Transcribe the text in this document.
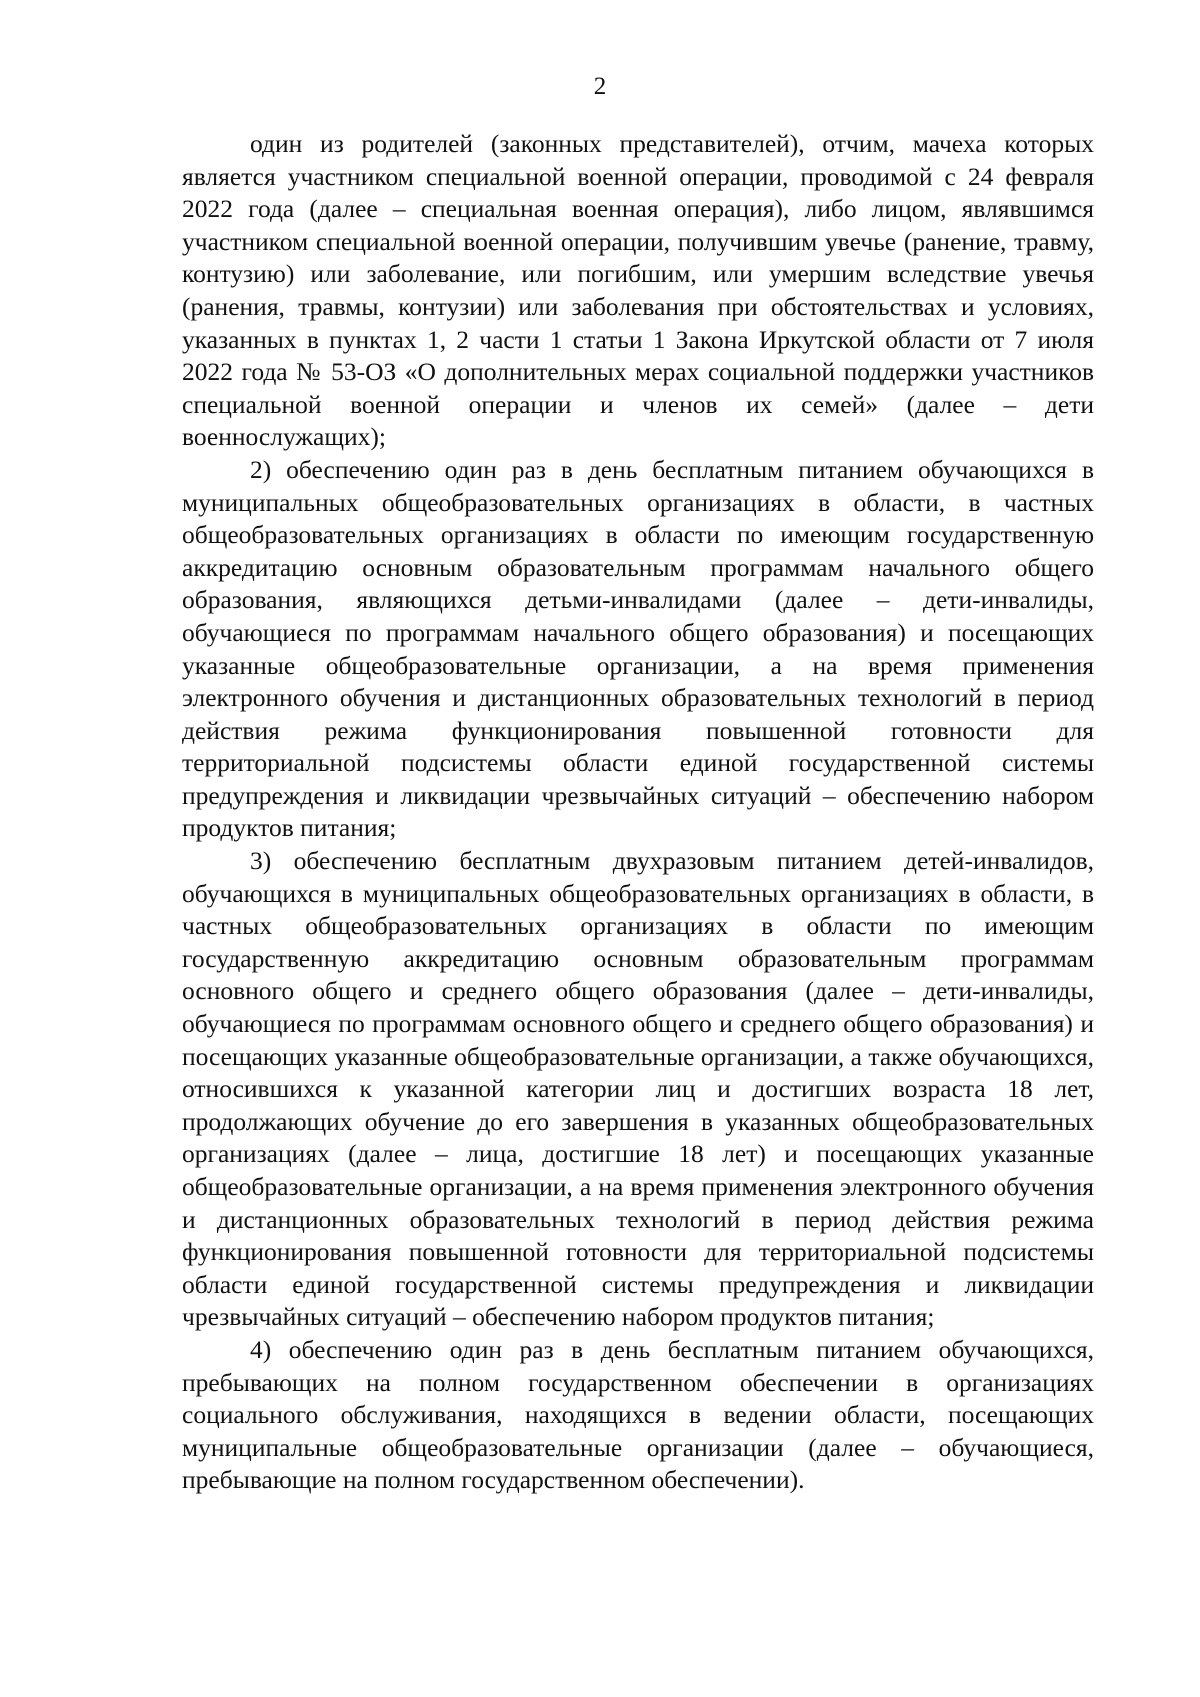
2

один из родителей (законных представителей), отчим, мачеха которых является участником специальной военной операции, проводимой с 24 февраля 2022 года (далее – специальная военная операция), либо лицом, являвшимся участником специальной военной операции, получившим увечье (ранение, травму, контузию) или заболевание, или погибшим, или умершим вследствие увечья (ранения, травмы, контузии) или заболевания при обстоятельствах и условиях, указанных в пунктах 1, 2 части 1 статьи 1 Закона Иркутской области от 7 июля 2022 года № 53-ОЗ «О дополнительных мерах социальной поддержки участников специальной военной операции и членов их семей» (далее – дети военнослужащих);

2) обеспечению один раз в день бесплатным питанием обучающихся в муниципальных общеобразовательных организациях в области, в частных общеобразовательных организациях в области по имеющим государственную аккредитацию основным образовательным программам начального общего образования, являющихся детьми-инвалидами (далее – дети-инвалиды, обучающиеся по программам начального общего образования) и посещающих указанные общеобразовательные организации, а на время применения электронного обучения и дистанционных образовательных технологий в период действия режима функционирования повышенной готовности для территориальной подсистемы области единой государственной системы предупреждения и ликвидации чрезвычайных ситуаций – обеспечению набором продуктов питания;

3) обеспечению бесплатным двухразовым питанием детей-инвалидов, обучающихся в муниципальных общеобразовательных организациях в области, в частных общеобразовательных организациях в области по имеющим государственную аккредитацию основным образовательным программам основного общего и среднего общего образования (далее – дети-инвалиды, обучающиеся по программам основного общего и среднего общего образования) и посещающих указанные общеобразовательные организации, а также обучающихся, относившихся к указанной категории лиц и достигших возраста 18 лет, продолжающих обучение до его завершения в указанных общеобразовательных организациях (далее – лица, достигшие 18 лет) и посещающих указанные общеобразовательные организации, а на время применения электронного обучения и дистанционных образовательных технологий в период действия режима функционирования повышенной готовности для территориальной подсистемы области единой государственной системы предупреждения и ликвидации чрезвычайных ситуаций – обеспечению набором продуктов питания;

4) обеспечению один раз в день бесплатным питанием обучающихся, пребывающих на полном государственном обеспечении в организациях социального обслуживания, находящихся в ведении области, посещающих муниципальные общеобразовательные организации (далее – обучающиеся, пребывающие на полном государственном обеспечении).
